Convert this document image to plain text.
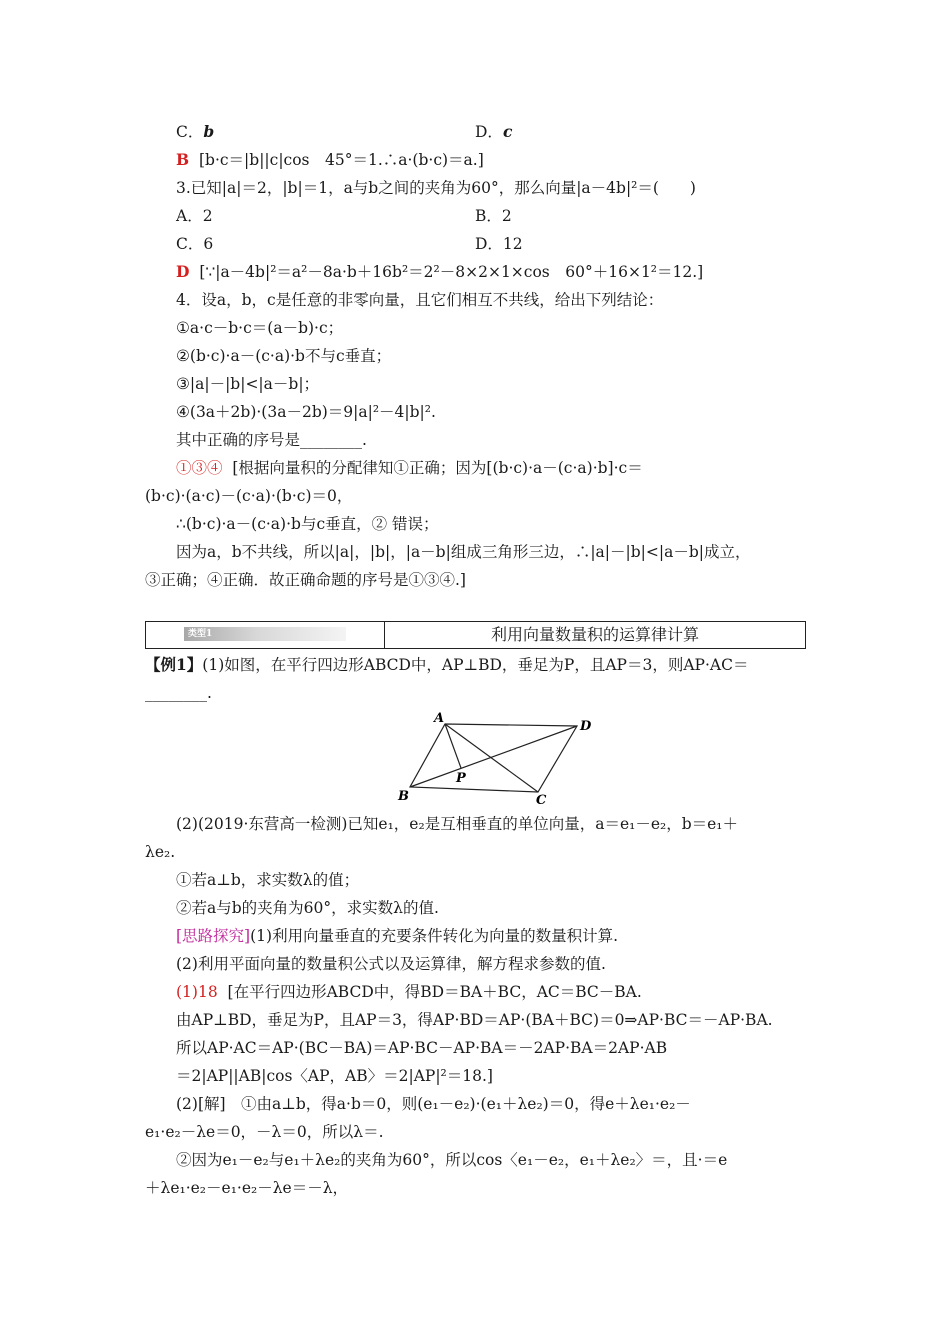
C．b	D．c
B [b·c＝|b||c|cos　45°＝1.∴a·(b·c)＝a.]
3.已知|a|＝2，|b|＝1，a与b之间的夹角为60°，那么向量|a－4b|²＝(　　)
A．2	B．2
C．6	D．12
D [∵|a－4b|²＝a²－8a·b＋16b²＝2²－8×2×1×cos　60°＋16×1²＝12.]
4．设a，b，c是任意的非零向量，且它们相互不共线，给出下列结论：
①a·c－b·c＝(a－b)·c；
②(b·c)·a－(c·a)·b不与c垂直；
③|a|－|b|<|a－b|；
④(3a＋2b)·(3a－2b)＝9|a|²－4|b|².
其中正确的序号是________.
①③④ [根据向量积的分配律知①正确；因为[(b·c)·a－(c·a)·b]·c＝
(b·c)·(a·c)－(c·a)·(b·c)＝0，
∴(b·c)·a－(c·a)·b与c垂直，② 错误；
因为a，b不共线，所以|a|，|b|，|a－b|组成三角形三边，∴|a|－|b|<|a－b|成立，
③正确；④正确．故正确命题的序号是①③④.]
类型1	利用向量数量积的运算律计算
【例1】(1)如图，在平行四边形ABCD中，AP⊥BD，垂足为P，且AP＝3，则AP·AC＝
________.
A
D
B	C
P
(2)(2019·东营高一检测)已知e₁，e₂是互相垂直的单位向量，a＝e₁－e₂，b＝e₁＋
λe₂.
①若a⊥b，求实数λ的值；
②若a与b的夹角为60°，求实数λ的值.
[思路探究](1)利用向量垂直的充要条件转化为向量的数量积计算.
(2)利用平面向量的数量积公式以及运算律，解方程求参数的值.
(1)18 [在平行四边形ABCD中，得BD＝BA＋BC，AC＝BC－BA.
由AP⊥BD，垂足为P，且AP＝3，得AP·BD＝AP·(BA＋BC)＝0⇒AP·BC＝－AP·BA.
所以AP·AC＝AP·(BC－BA)＝AP·BC－AP·BA＝－2AP·BA＝2AP·AB
＝2|AP||AB|cos〈AP，AB〉＝2|AP|²＝18.]
(2)[解]　①由a⊥b，得a·b＝0，则(e₁－e₂)·(e₁＋λe₂)＝0，得e＋λe₁·e₂－
e₁·e₂－λe＝0，－λ＝0，所以λ＝.
②因为e₁－e₂与e₁＋λe₂的夹角为60°，所以cos〈e₁－e₂，e₁＋λe₂〉＝，且·＝e
＋λe₁·e₂－e₁·e₂－λe＝－λ，
